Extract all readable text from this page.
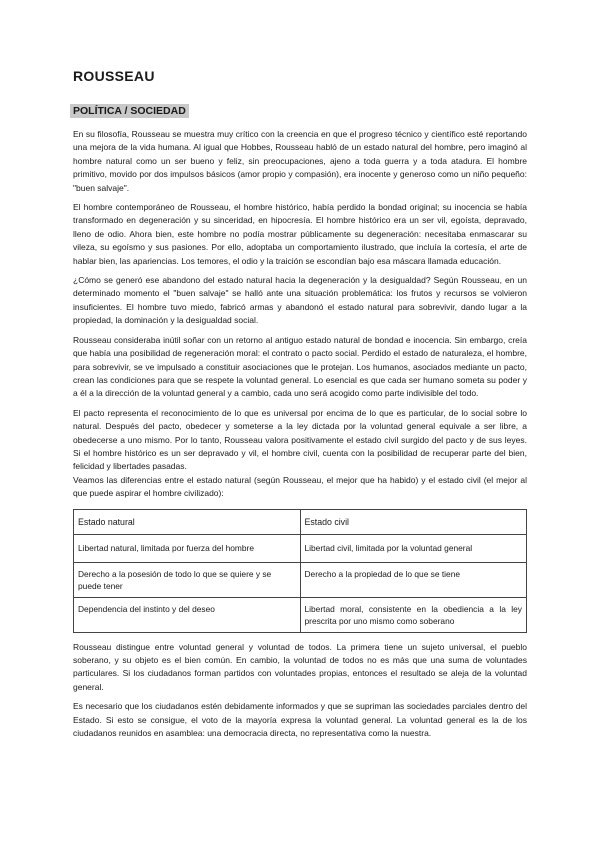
ROUSSEAU
POLÍTICA / SOCIEDAD

En su filosofía, Rousseau se muestra muy crítico con la creencia en que el progreso técnico y científico esté reportando una mejora de la vida humana. Al igual que Hobbes, Rousseau habló de un estado natural del hombre, pero imaginó al hombre natural como un ser bueno y feliz, sin preocupaciones, ajeno a toda guerra y a toda atadura. El hombre primitivo, movido por dos impulsos básicos (amor propio y compasión), era inocente y generoso como un niño pequeño: "buen salvaje".

El hombre contemporáneo de Rousseau, el hombre histórico, había perdido la bondad original; su inocencia se había transformado en degeneración y su sinceridad, en hipocresía. El hombre histórico era un ser vil, egoísta, depravado, lleno de odio. Ahora bien, este hombre no podía mostrar públicamente su degeneración: necesitaba enmascarar su vileza, su egoísmo y sus pasiones. Por ello, adoptaba un comportamiento ilustrado, que incluía la cortesía, el arte de hablar bien, las apariencias. Los temores, el odio y la traición se escondían bajo esa máscara llamada educación.

¿Cómo se generó ese abandono del estado natural hacia la degeneración y la desigualdad? Según Rousseau, en un determinado momento el "buen salvaje" se halló ante una situación problemática: los frutos y recursos se volvieron insuficientes. El hombre tuvo miedo, fabricó armas y abandonó el estado natural para sobrevivir, dando lugar a la propiedad, la dominación y la desigualdad social.

Rousseau consideraba inútil soñar con un retorno al antiguo estado natural de bondad e inocencia. Sin embargo, creía que había una posibilidad de regeneración moral: el contrato o pacto social. Perdido el estado de naturaleza, el hombre, para sobrevivir, se ve impulsado a constituir asociaciones que le protejan. Los humanos, asociados mediante un pacto, crean las condiciones para que se respete la voluntad general. Lo esencial es que cada ser humano someta su poder y a él a la dirección de la voluntad general y a cambio, cada uno será acogido como parte indivisible del todo.

El pacto representa el reconocimiento de lo que es universal por encima de lo que es particular, de lo social sobre lo natural. Después del pacto, obedecer y someterse a la ley dictada por la voluntad general equivale a ser libre, a obedecerse a uno mismo. Por lo tanto, Rousseau valora positivamente el estado civil surgido del pacto y de sus leyes. Si el hombre histórico es un ser depravado y vil, el hombre civil, cuenta con la posibilidad de recuperar parte del bien, felicidad y libertades pasadas.

Veamos las diferencias entre el estado natural (según Rousseau, el mejor que ha habido) y el estado civil (el mejor al que puede aspirar el hombre civilizado):

Estado natural	Estado civil
Libertad natural, limitada por fuerza del hombre	Libertad civil, limitada por la voluntad general
Derecho a la posesión de todo lo que se quiere y se puede tener	Derecho a la propiedad de lo que se tiene
Dependencia del instinto y del deseo	Libertad moral, consistente en la obediencia a la ley prescrita por uno mismo como soberano

Rousseau distingue entre voluntad general y voluntad de todos. La primera tiene un sujeto universal, el pueblo soberano, y su objeto es el bien común. En cambio, la voluntad de todos no es más que una suma de voluntades particulares. Si los ciudadanos forman partidos con voluntades propias, entonces el resultado se aleja de la voluntad general.

Es necesario que los ciudadanos estén debidamente informados y que se supriman las sociedades parciales dentro del Estado. Si esto se consigue, el voto de la mayoría expresa la voluntad general. La voluntad general es la de los ciudadanos reunidos en asamblea: una democracia directa, no representativa como la nuestra.
